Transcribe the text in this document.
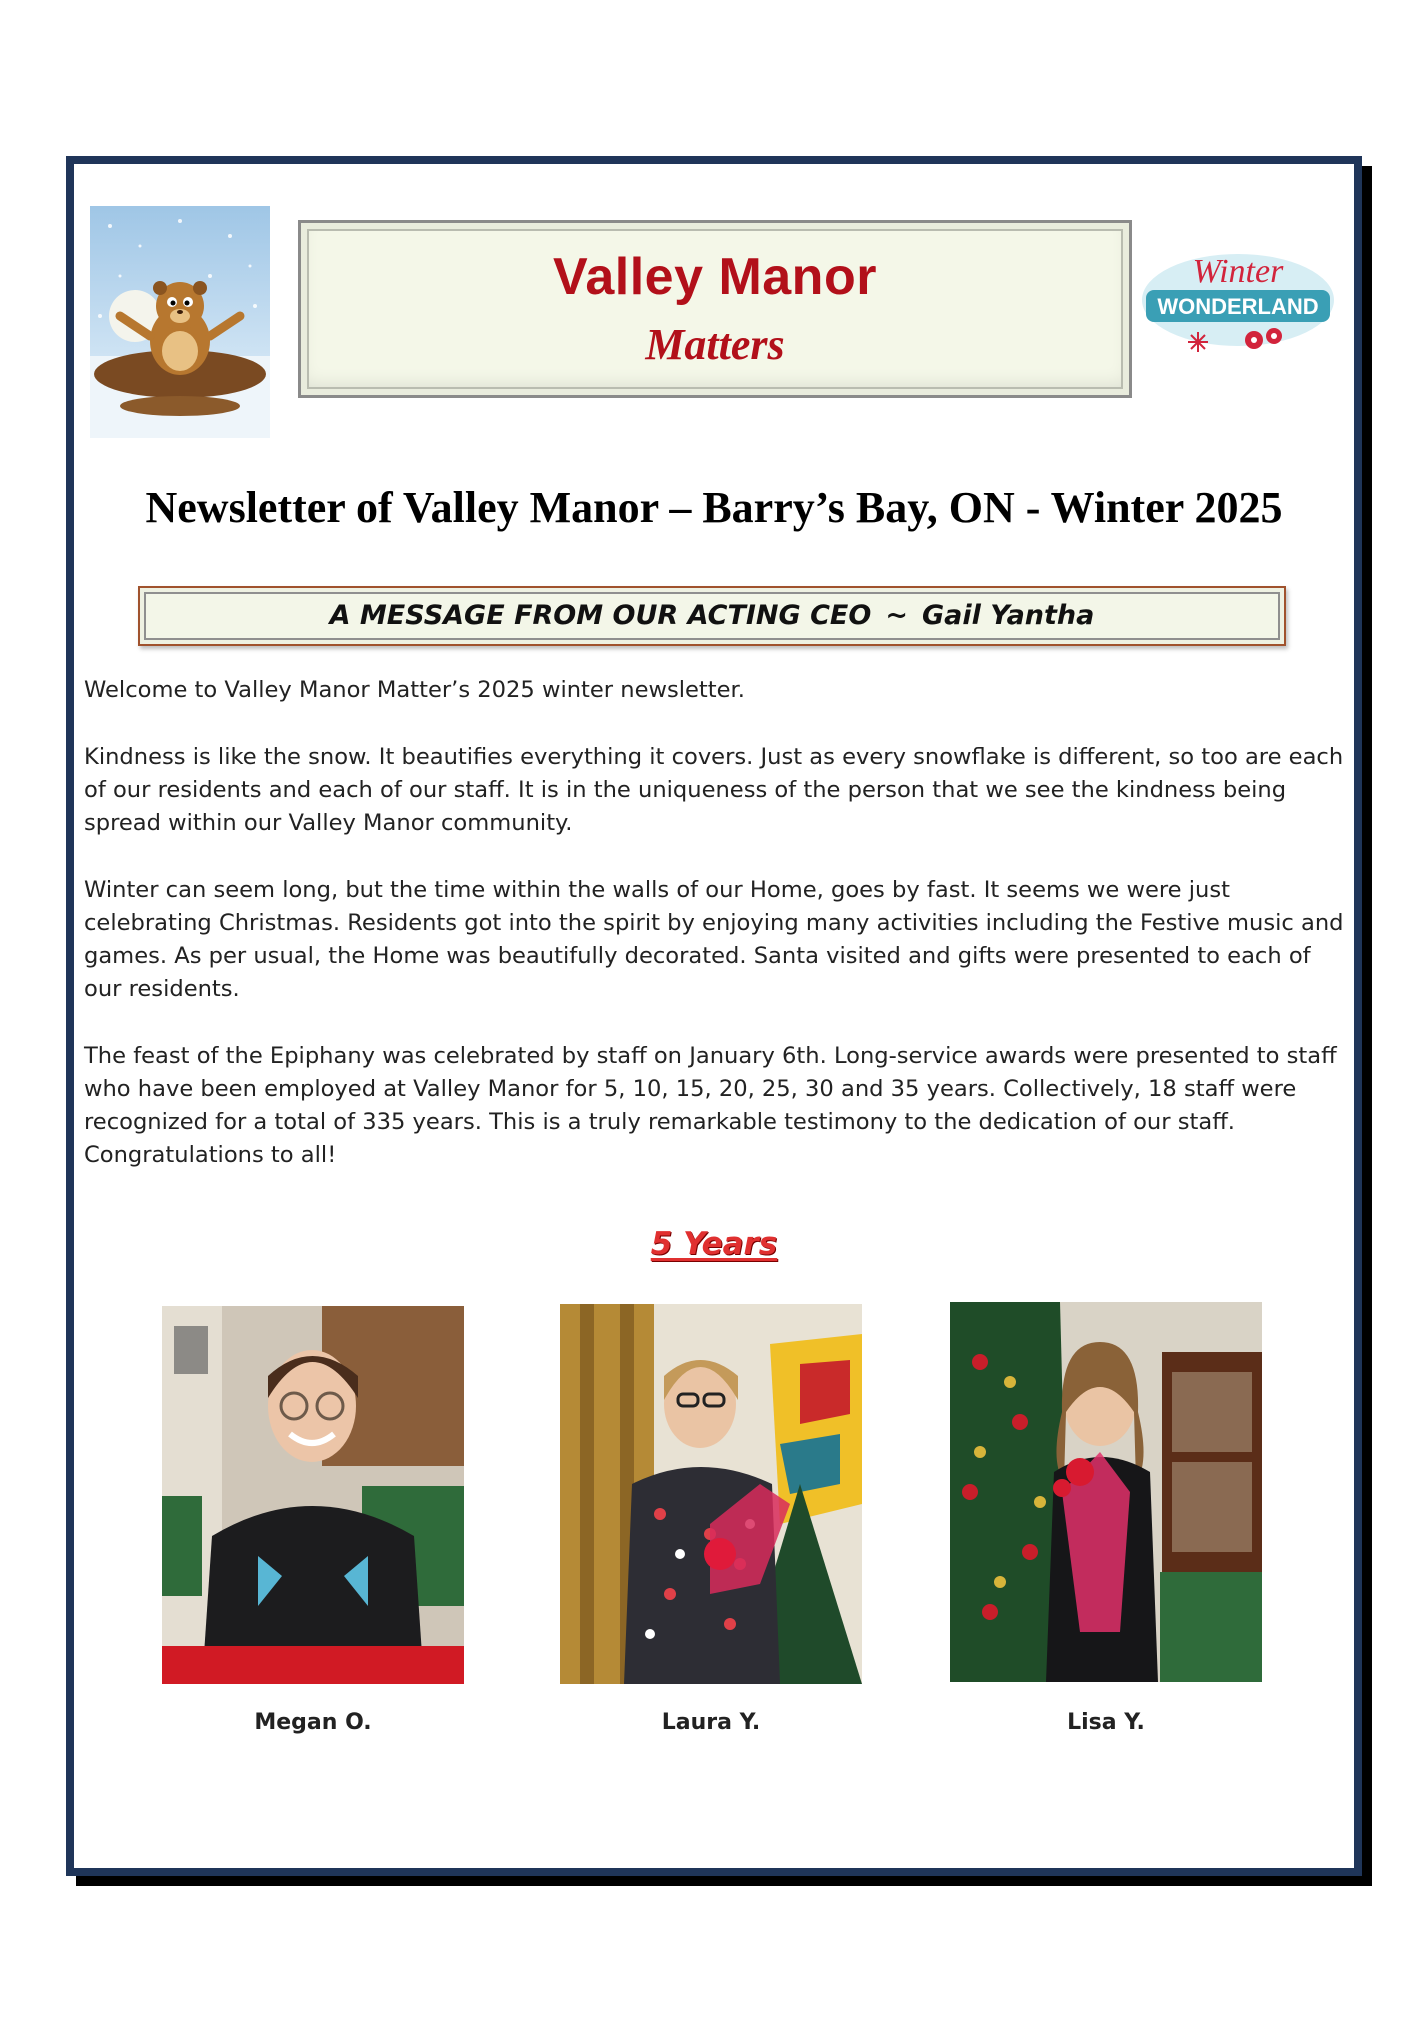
Valley Manor
Matters
Winter
WONDERLAND
Newsletter of Valley Manor – Barry’s Bay, ON - Winter 2025
A MESSAGE FROM OUR ACTING CEO ~ Gail Yantha

Welcome to Valley Manor Matter’s 2025 winter newsletter.

Kindness is like the snow. It beautifies everything it covers. Just as every snowflake is different, so too are each of our residents and each of our staff. It is in the uniqueness of the person that we see the kindness being spread within our Valley Manor community.

Winter can seem long, but the time within the walls of our Home, goes by fast. It seems we were just celebrating Christmas. Residents got into the spirit by enjoying many activities including the Festive music and games. As per usual, the Home was beautifully decorated. Santa visited and gifts were presented to each of our residents.

The feast of the Epiphany was celebrated by staff on January 6th. Long-service awards were presented to staff who have been employed at Valley Manor for 5, 10, 15, 20, 25, 30 and 35 years. Collectively, 18 staff were recognized for a total of 335 years. This is a truly remarkable testimony to the dedication of our staff. Congratulations to all!

5 Years
Megan O.	Laura Y.	Lisa Y.
